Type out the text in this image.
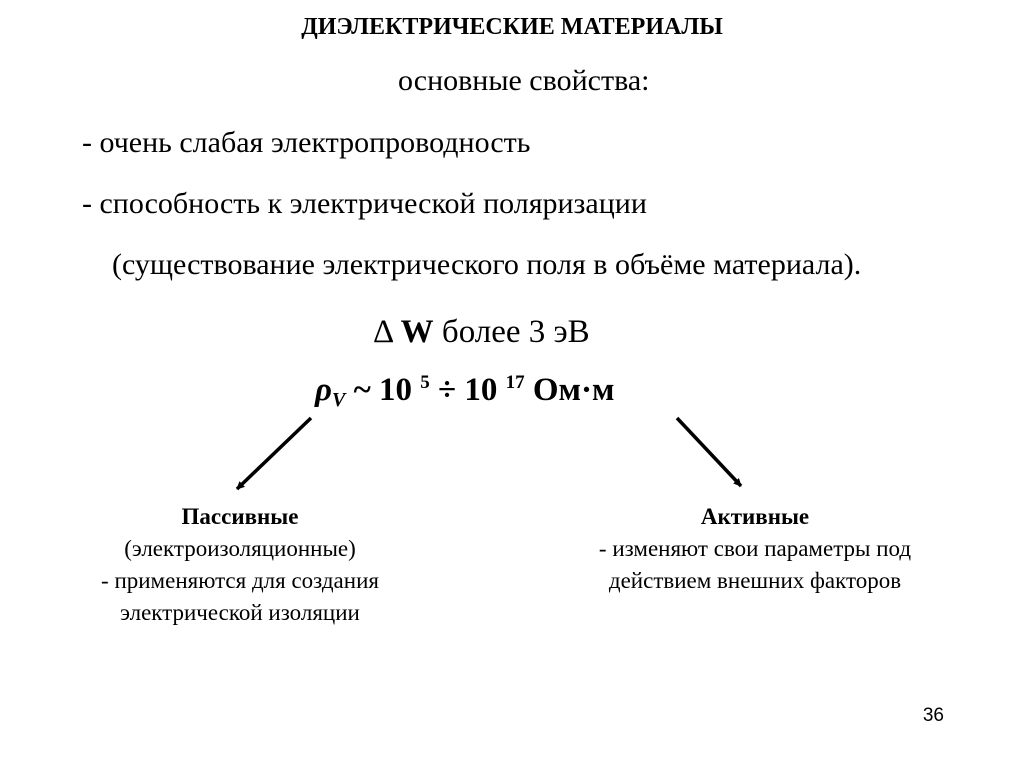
ДИЭЛЕКТРИЧЕСКИЕ МАТЕРИАЛЫ
основные свойства:
- очень слабая электропроводность
- способность к электрической поляризации
(существование электрического поля в объёме материала).
Δ W более 3 эВ
$\rho_V$ ~ 10 $^5$ ÷ 10 $^{17}$ Ом·м
Пассивные
(электроизоляционные)
- применяются для создания
электрической изоляции
Активные
- изменяют свои параметры под
действием внешних факторов
36
